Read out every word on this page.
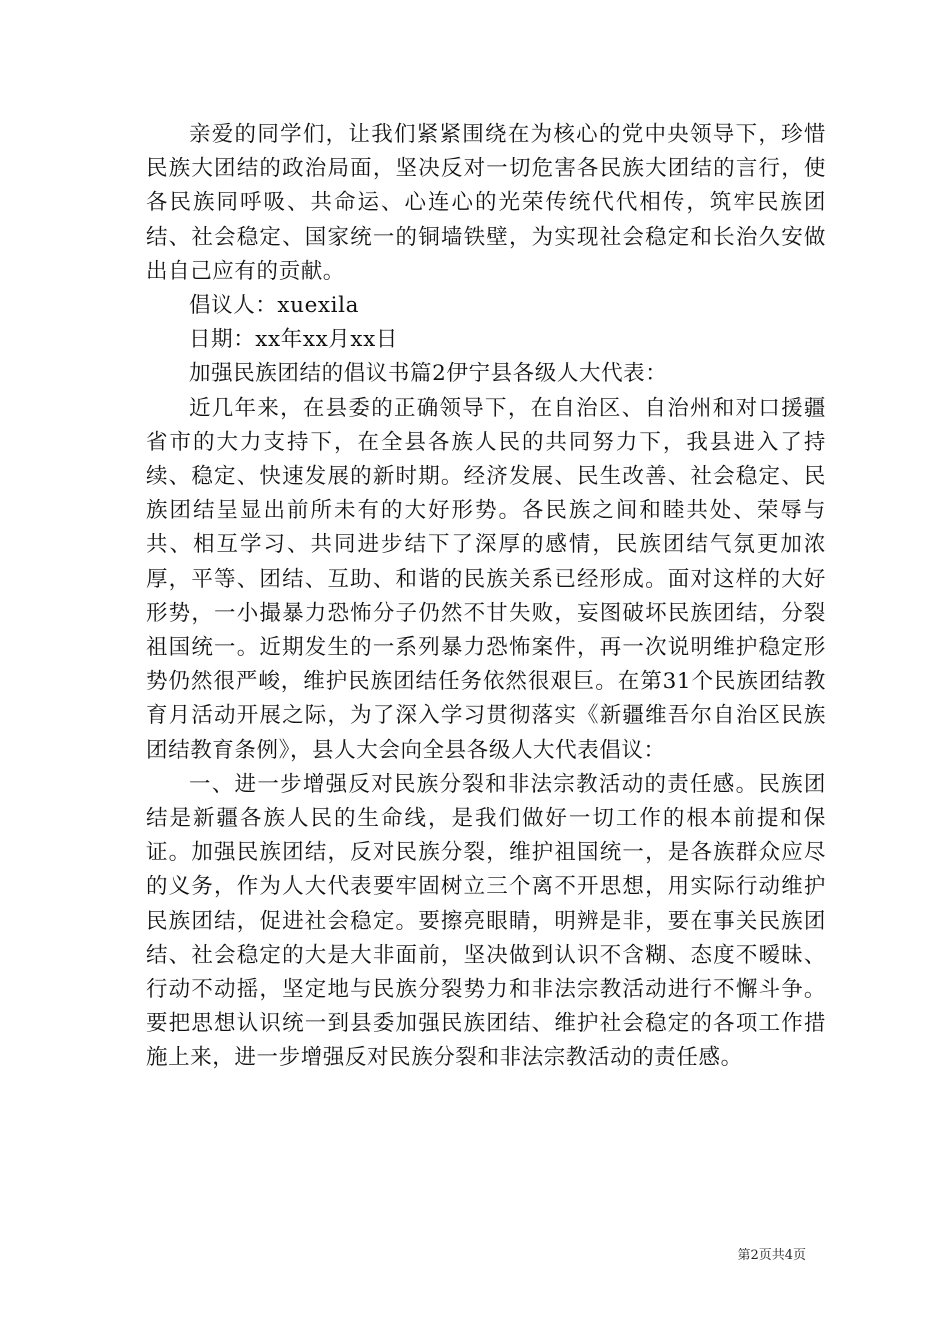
亲爱的同学们，让我们紧紧围绕在为核心的党中央领导下，珍惜民族大团结的政治局面，坚决反对一切危害各民族大团结的言行，使各民族同呼吸、共命运、心连心的光荣传统代代相传，筑牢民族团结、社会稳定、国家统一的铜墙铁壁，为实现社会稳定和长治久安做出自己应有的贡献。

倡议人：xuexila

日期：xx年xx月xx日

加强民族团结的倡议书篇2伊宁县各级人大代表：

近几年来，在县委的正确领导下，在自治区、自治州和对口援疆省市的大力支持下，在全县各族人民的共同努力下，我县进入了持续、稳定、快速发展的新时期。经济发展、民生改善、社会稳定、民族团结呈显出前所未有的大好形势。各民族之间和睦共处、荣辱与共、相互学习、共同进步结下了深厚的感情，民族团结气氛更加浓厚，平等、团结、互助、和谐的民族关系已经形成。面对这样的大好形势，一小撮暴力恐怖分子仍然不甘失败，妄图破坏民族团结，分裂祖国统一。近期发生的一系列暴力恐怖案件，再一次说明维护稳定形势仍然很严峻，维护民族团结任务依然很艰巨。在第31个民族团结教育月活动开展之际，为了深入学习贯彻落实《新疆维吾尔自治区民族团结教育条例》，县人大会向全县各级人大代表倡议：

一、进一步增强反对民族分裂和非法宗教活动的责任感。民族团结是新疆各族人民的生命线，是我们做好一切工作的根本前提和保证。加强民族团结，反对民族分裂，维护祖国统一，是各族群众应尽的义务，作为人大代表要牢固树立三个离不开思想，用实际行动维护民族团结，促进社会稳定。要擦亮眼睛，明辨是非，要在事关民族团结、社会稳定的大是大非面前，坚决做到认识不含糊、态度不暧昧、行动不动摇，坚定地与民族分裂势力和非法宗教活动进行不懈斗争。要把思想认识统一到县委加强民族团结、维护社会稳定的各项工作措施上来，进一步增强反对民族分裂和非法宗教活动的责任感。

第2页共4页
